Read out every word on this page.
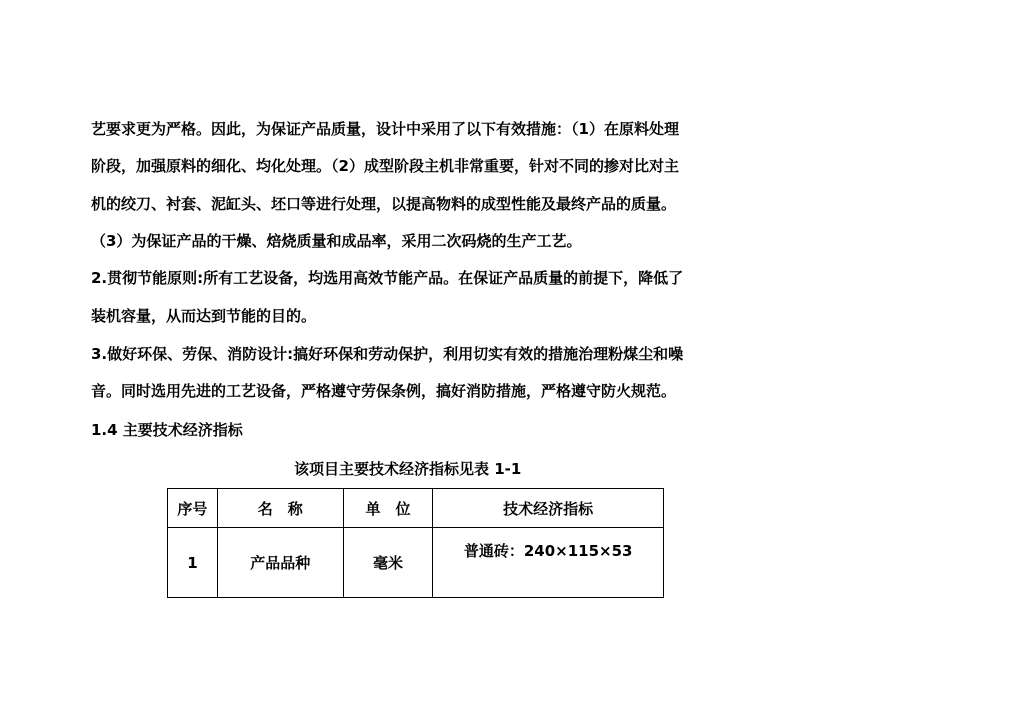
艺要求更为严格。因此，为保证产品质量，设计中采用了以下有效措施：（1）在原料处理
阶段，加强原料的细化、均化处理。（2）成型阶段主机非常重要，针对不同的掺对比对主
机的绞刀、衬套、泥缸头、坯口等进行处理，以提高物料的成型性能及最终产品的质量。
（3）为保证产品的干燥、焙烧质量和成品率，采用二次码烧的生产工艺。
2.贯彻节能原则:所有工艺设备，均选用高效节能产品。在保证产品质量的前提下，降低了
装机容量，从而达到节能的目的。
3.做好环保、劳保、消防设计:搞好环保和劳动保护，利用切实有效的措施治理粉煤尘和噪
音。同时选用先进的工艺设备，严格遵守劳保条例，搞好消防措施，严格遵守防火规范。
1.4 主要技术经济指标
该项目主要技术经济指标见表 1-1
序号	名　称	单　位	技术经济指标
1	产品品种	毫米	普通砖：240×115×53
